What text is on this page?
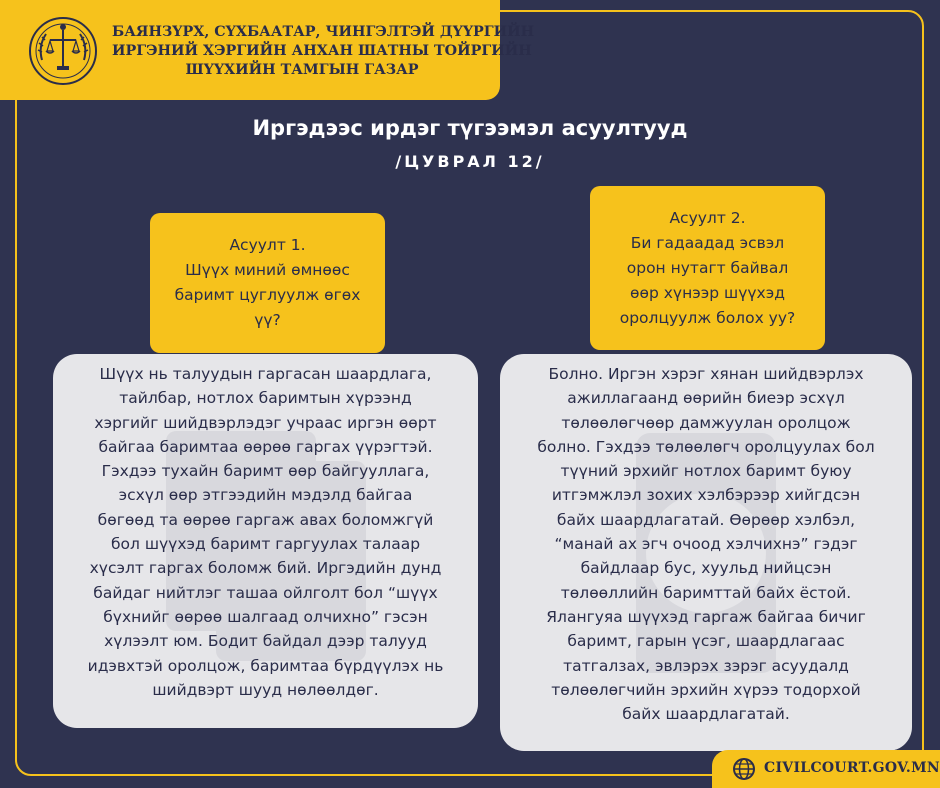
БАЯНЗҮРХ, СҮХБААТАР, ЧИНГЭЛТЭЙ ДҮҮРГИЙН
ИРГЭНИЙ ХЭРГИЙН АНХАН ШАТНЫ ТОЙРГИЙН
ШҮҮХИЙН ТАМГЫН ГАЗАР
Иргэдээс ирдэг түгээмэл асуултууд
/ЦУВРАЛ 12/
Асуулт 1.
Шүүх миний өмнөөс
баримт цуглуулж өгөх
үү?
Асуулт 2.
Би гадаадад эсвэл
орон нутагт байвал
өөр хүнээр шүүхэд
оролцуулж болох уу?
Шүүх нь талуудын гаргасан шаардлага,
тайлбар, нотлох баримтын хүрээнд
хэргийг шийдвэрлэдэг учраас иргэн өөрт
байгаа баримтаа өөрөө гаргах үүрэгтэй.
Гэхдээ тухайн баримт өөр байгууллага,
эсхүл өөр этгээдийн мэдэлд байгаа
бөгөөд та өөрөө гаргаж авах боломжгүй
бол шүүхэд баримт гаргуулах талаар
хүсэлт гаргах боломж бий. Иргэдийн дунд
байдаг нийтлэг ташаа ойлголт бол “шүүх
бүхнийг өөрөө шалгаад олчихно” гэсэн
хүлээлт юм. Бодит байдал дээр талууд
идэвхтэй оролцож, баримтаа бүрдүүлэх нь
шийдвэрт шууд нөлөөлдөг.
Болно. Иргэн хэрэг хянан шийдвэрлэх
ажиллагаанд өөрийн биеэр эсхүл
төлөөлөгчөөр дамжуулан оролцож
болно. Гэхдээ төлөөлөгч оролцуулах бол
түүний эрхийг нотлох баримт буюу
итгэмжлэл зохих хэлбэрээр хийгдсэн
байх шаардлагатай. Өөрөөр хэлбэл,
“манай ах эгч очоод хэлчихнэ” гэдэг
байдлаар бус, хуульд нийцсэн
төлөөллийн баримттай байх ёстой.
Ялангуяа шүүхэд гаргаж байгаа бичиг
баримт, гарын үсэг, шаардлагаас
татгалзах, эвлэрэх зэрэг асуудалд
төлөөлөгчийн эрхийн хүрээ тодорхой
байх шаардлагатай.
CIVILCOURT.GOV.MN
